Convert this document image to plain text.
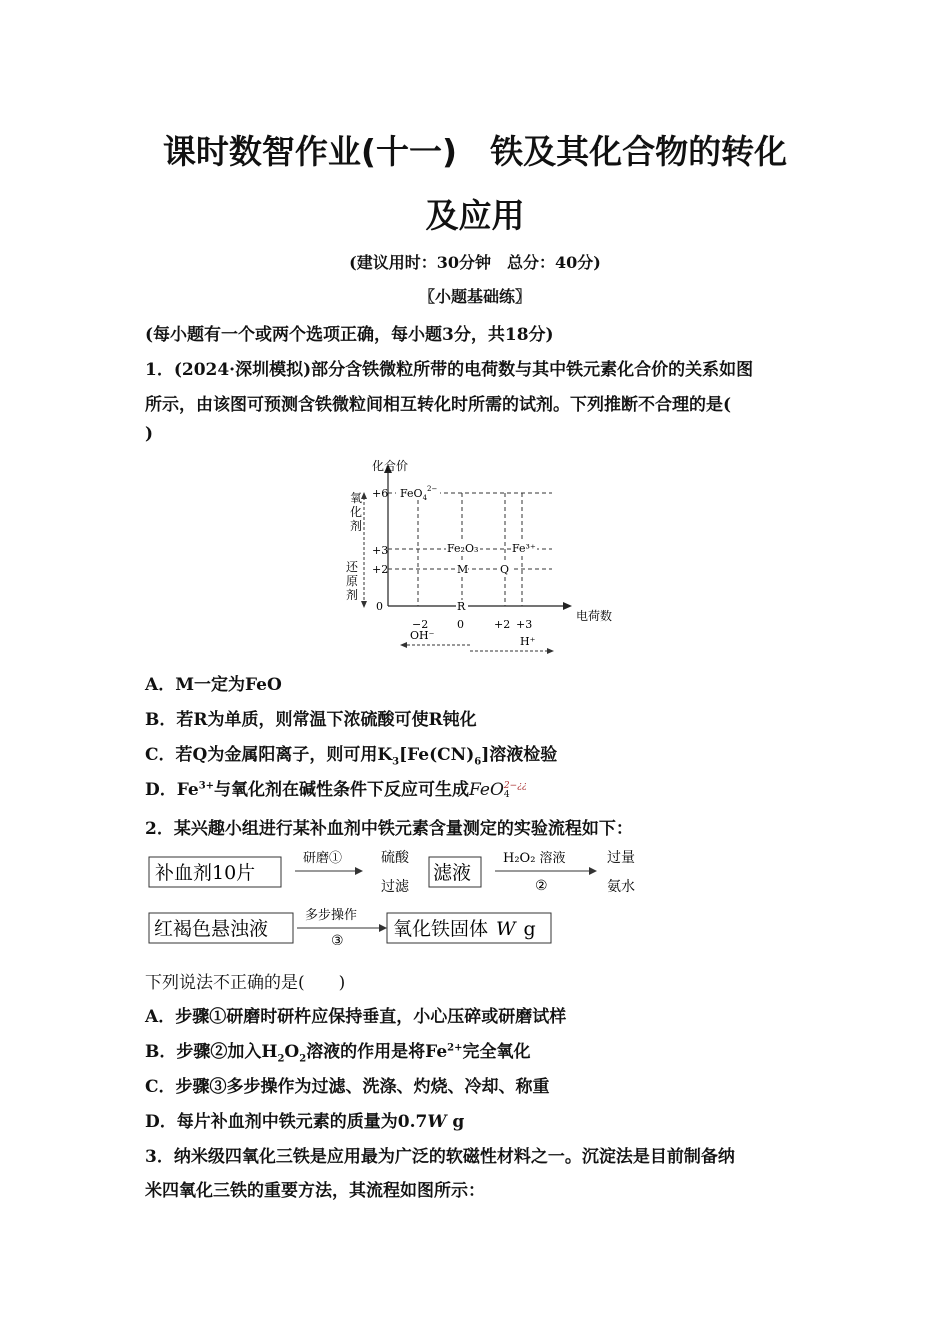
课时数智作业(十一)　铁及其化合物的转化
及应用
(建议用时：30分钟　总分：40分)
〖小题基础练〗
(每小题有一个或两个选项正确，每小题3分，共18分)
1．(2024·深圳模拟)部分含铁微粒所带的电荷数与其中铁元素化合价的关系如图
所示，由该图可预测含铁微粒间相互转化时所需的试剂。下列推断不合理的是(
)
化合价
电荷数
+6
+3
+2
0
−2	0	+2 +3
FeO$_4^{2-}$
Fe₂O₃	Fe³⁺
M	Q
R
氧
化
剂
还
原
剂
OH⁻	H⁺
A．M一定为FeO
B．若R为单质，则常温下浓硫酸可使R钝化
C．若Q为金属阳离子，则可用$K_3[Fe(CN)_6]$溶液检验
D．$Fe^{3+}$与氧化剂在碱性条件下反应可生成FeO2−¿¿
4
2．某兴趣小组进行某补血剂中铁元素含量测定的实验流程如下：
补血剂10片
研磨①	硫酸
过滤
滤液
H₂O₂ 溶液
②
过量
氨水
红褐色悬浊液
多步操作
③
氧化铁固体 W g
下列说法不正确的是(　　)
A．步骤①研磨时研杵应保持垂直，小心压碎或研磨试样
B．步骤②加入$H_2O_2$溶液的作用是将$Fe^{2+}$完全氧化
C．步骤③多步操作为过滤、洗涤、灼烧、冷却、称重
D．每片补血剂中铁元素的质量为0.7W g
3．纳米级四氧化三铁是应用最为广泛的软磁性材料之一。沉淀法是目前制备纳
米四氧化三铁的重要方法，其流程如图所示：
